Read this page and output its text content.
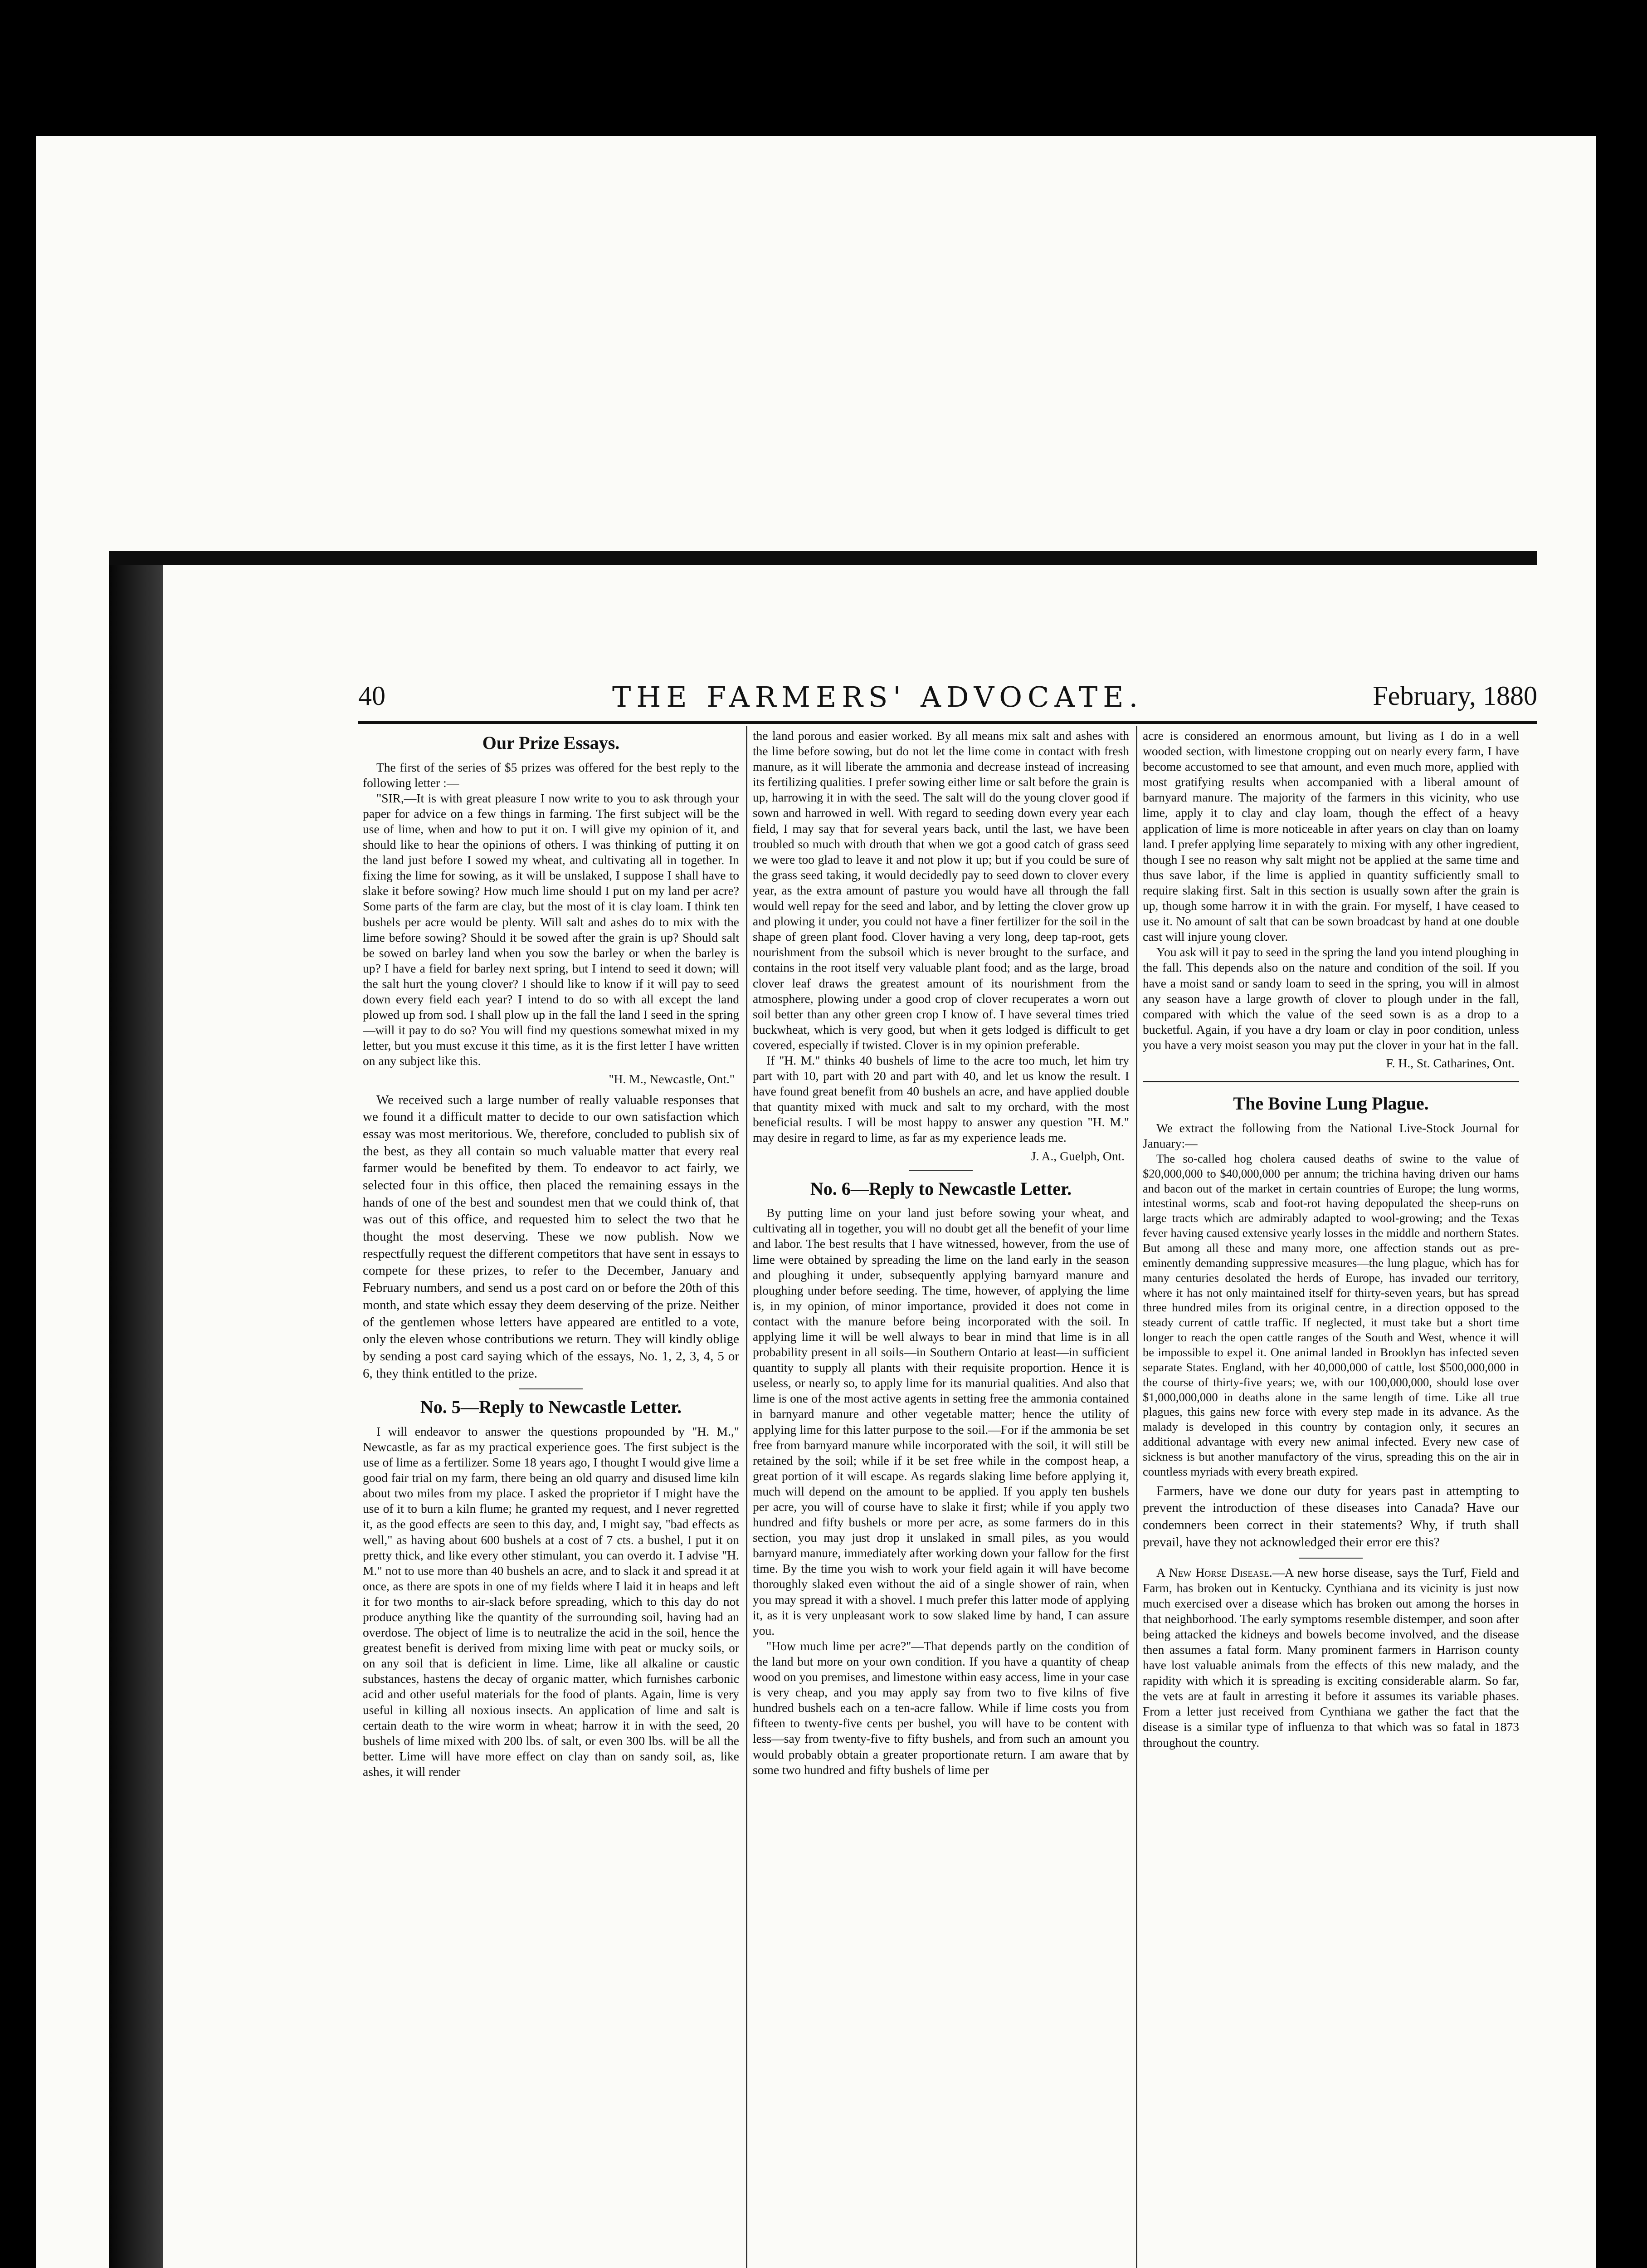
40	THE FARMERS' ADVOCATE.	February, 1880
Our Prize Essays.

The first of the series of $5 prizes was offered for the best reply to the following letter :—

"SIR,—It is with great pleasure I now write to you to ask through your paper for advice on a few things in farming. The first subject will be the use of lime, when and how to put it on. I will give my opinion of it, and should like to hear the opinions of others. I was thinking of putting it on the land just before I sowed my wheat, and cultivating all in together. In fixing the lime for sowing, as it will be unslaked, I suppose I shall have to slake it before sowing? How much lime should I put on my land per acre? Some parts of the farm are clay, but the most of it is clay loam. I think ten bushels per acre would be plenty. Will salt and ashes do to mix with the lime before sowing? Should it be sowed after the grain is up? Should salt be sowed on barley land when you sow the barley or when the barley is up? I have a field for barley next spring, but I intend to seed it down; will the salt hurt the young clover? I should like to know if it will pay to seed down every field each year? I intend to do so with all except the land plowed up from sod. I shall plow up in the fall the land I seed in the spring—will it pay to do so? You will find my questions somewhat mixed in my letter, but you must excuse it this time, as it is the first letter I have written on any subject like this.

"H. M., Newcastle, Ont."

We received such a large number of really valuable responses that we found it a difficult matter to decide to our own satisfaction which essay was most meritorious. We, therefore, concluded to publish six of the best, as they all contain so much valuable matter that every real farmer would be benefited by them. To endeavor to act fairly, we selected four in this office, then placed the remaining essays in the hands of one of the best and soundest men that we could think of, that was out of this office, and requested him to select the two that he thought the most deserving. These we now publish. Now we respectfully request the different competitors that have sent in essays to compete for these prizes, to refer to the December, January and February numbers, and send us a post card on or before the 20th of this month, and state which essay they deem deserving of the prize. Neither of the gentlemen whose letters have appeared are entitled to a vote, only the eleven whose contributions we return. They will kindly oblige by sending a post card saying which of the essays, No. 1, 2, 3, 4, 5 or 6, they think entitled to the prize.

No. 5—Reply to Newcastle Letter.

I will endeavor to answer the questions propounded by "H. M.," Newcastle, as far as my practical experience goes. The first subject is the use of lime as a fertilizer. Some 18 years ago, I thought I would give lime a good fair trial on my farm, there being an old quarry and disused lime kiln about two miles from my place. I asked the proprietor if I might have the use of it to burn a kiln flume; he granted my request, and I never regretted it, as the good effects are seen to this day, and, I might say, "bad effects as well," as having about 600 bushels at a cost of 7 cts. a bushel, I put it on pretty thick, and like every other stimulant, you can overdo it. I advise "H. M." not to use more than 40 bushels an acre, and to slack it and spread it at once, as there are spots in one of my fields where I laid it in heaps and left it for two months to air-slack before spreading, which to this day do not produce anything like the quantity of the surrounding soil, having had an overdose. The object of lime is to neutralize the acid in the soil, hence the greatest benefit is derived from mixing lime with peat or mucky soils, or on any soil that is deficient in lime. Lime, like all alkaline or caustic substances, hastens the decay of organic matter, which furnishes carbonic acid and other useful materials for the food of plants. Again, lime is very useful in killing all noxious insects. An application of lime and salt is certain death to the wire worm in wheat; harrow it in with the seed, 20 bushels of lime mixed with 200 lbs. of salt, or even 300 lbs. will be all the better. Lime will have more effect on clay than on sandy soil, as, like ashes, it will render

the land porous and easier worked. By all means mix salt and ashes with the lime before sowing, but do not let the lime come in contact with fresh manure, as it will liberate the ammonia and decrease instead of increasing its fertilizing qualities. I prefer sowing either lime or salt before the grain is up, harrowing it in with the seed. The salt will do the young clover good if sown and harrowed in well. With regard to seeding down every year each field, I may say that for several years back, until the last, we have been troubled so much with drouth that when we got a good catch of grass seed we were too glad to leave it and not plow it up; but if you could be sure of the grass seed taking, it would decidedly pay to seed down to clover every year, as the extra amount of pasture you would have all through the fall would well repay for the seed and labor, and by letting the clover grow up and plowing it under, you could not have a finer fertilizer for the soil in the shape of green plant food. Clover having a very long, deep tap-root, gets nourishment from the subsoil which is never brought to the surface, and contains in the root itself very valuable plant food; and as the large, broad clover leaf draws the greatest amount of its nourishment from the atmosphere, plowing under a good crop of clover recuperates a worn out soil better than any other green crop I know of. I have several times tried buckwheat, which is very good, but when it gets lodged is difficult to get covered, especially if twisted. Clover is in my opinion preferable.

If "H. M." thinks 40 bushels of lime to the acre too much, let him try part with 10, part with 20 and part with 40, and let us know the result. I have found great benefit from 40 bushels an acre, and have applied double that quantity mixed with muck and salt to my orchard, with the most beneficial results. I will be most happy to answer any question "H. M." may desire in regard to lime, as far as my experience leads me.

J. A., Guelph, Ont.
No. 6—Reply to Newcastle Letter.

By putting lime on your land just before sowing your wheat, and cultivating all in together, you will no doubt get all the benefit of your lime and labor. The best results that I have witnessed, however, from the use of lime were obtained by spreading the lime on the land early in the season and ploughing it under, subsequently applying barnyard manure and ploughing under before seeding. The time, however, of applying the lime is, in my opinion, of minor importance, provided it does not come in contact with the manure before being incorporated with the soil. In applying lime it will be well always to bear in mind that lime is in all probability present in all soils—in Southern Ontario at least—in sufficient quantity to supply all plants with their requisite proportion. Hence it is useless, or nearly so, to apply lime for its manurial qualities. And also that lime is one of the most active agents in setting free the ammonia contained in barnyard manure and other vegetable matter; hence the utility of applying lime for this latter purpose to the soil.—For if the ammonia be set free from barnyard manure while incorporated with the soil, it will still be retained by the soil; while if it be set free while in the compost heap, a great portion of it will escape. As regards slaking lime before applying it, much will depend on the amount to be applied. If you apply ten bushels per acre, you will of course have to slake it first; while if you apply two hundred and fifty bushels or more per acre, as some farmers do in this section, you may just drop it unslaked in small piles, as you would barnyard manure, immediately after working down your fallow for the first time. By the time you wish to work your field again it will have become thoroughly slaked even without the aid of a single shower of rain, when you may spread it with a shovel. I much prefer this latter mode of applying it, as it is very unpleasant work to sow slaked lime by hand, I can assure you.

"How much lime per acre?"—That depends partly on the condition of the land but more on your own condition. If you have a quantity of cheap wood on you premises, and limestone within easy access, lime in your case is very cheap, and you may apply say from two to five kilns of five hundred bushels each on a ten-acre fallow. While if lime costs you from fifteen to twenty-five cents per bushel, you will have to be content with less—say from twenty-five to fifty bushels, and from such an amount you would probably obtain a greater proportionate return. I am aware that by some two hundred and fifty bushels of lime per

acre is considered an enormous amount, but living as I do in a well wooded section, with limestone cropping out on nearly every farm, I have become accustomed to see that amount, and even much more, applied with most gratifying results when accompanied with a liberal amount of barnyard manure. The majority of the farmers in this vicinity, who use lime, apply it to clay and clay loam, though the effect of a heavy application of lime is more noticeable in after years on clay than on loamy land. I prefer applying lime separately to mixing with any other ingredient, though I see no reason why salt might not be applied at the same time and thus save labor, if the lime is applied in quantity sufficiently small to require slaking first. Salt in this section is usually sown after the grain is up, though some harrow it in with the grain. For myself, I have ceased to use it. No amount of salt that can be sown broadcast by hand at one double cast will injure young clover.

You ask will it pay to seed in the spring the land you intend ploughing in the fall. This depends also on the nature and condition of the soil. If you have a moist sand or sandy loam to seed in the spring, you will in almost any season have a large growth of clover to plough under in the fall, compared with which the value of the seed sown is as a drop to a bucketful. Again, if you have a dry loam or clay in poor condition, unless you have a very moist season you may put the clover in your hat in the fall.

F. H., St. Catharines, Ont.
The Bovine Lung Plague.

We extract the following from the National Live-Stock Journal for January:—

The so-called hog cholera caused deaths of swine to the value of $20,000,000 to $40,000,000 per annum; the trichina having driven our hams and bacon out of the market in certain countries of Europe; the lung worms, intestinal worms, scab and foot-rot having depopulated the sheep-runs on large tracts which are admirably adapted to wool-growing; and the Texas fever having caused extensive yearly losses in the middle and northern States. But among all these and many more, one affection stands out as pre-eminently demanding suppressive measures—the lung plague, which has for many centuries desolated the herds of Europe, has invaded our territory, where it has not only maintained itself for thirty-seven years, but has spread three hundred miles from its original centre, in a direction opposed to the steady current of cattle traffic. If neglected, it must take but a short time longer to reach the open cattle ranges of the South and West, whence it will be impossible to expel it. One animal landed in Brooklyn has infected seven separate States. England, with her 40,000,000 of cattle, lost $500,000,000 in the course of thirty-five years; we, with our 100,000,000, should lose over $1,000,000,000 in deaths alone in the same length of time. Like all true plagues, this gains new force with every step made in its advance. As the malady is developed in this country by contagion only, it secures an additional advantage with every new animal infected. Every new case of sickness is but another manufactory of the virus, spreading this on the air in countless myriads with every breath expired.

Farmers, have we done our duty for years past in attempting to prevent the introduction of these diseases into Canada? Have our condemners been correct in their statements? Why, if truth shall prevail, have they not acknowledged their error ere this?

A New Horse Disease.—A new horse disease, says the Turf, Field and Farm, has broken out in Kentucky. Cynthiana and its vicinity is just now much exercised over a disease which has broken out among the horses in that neighborhood. The early symptoms resemble distemper, and soon after being attacked the kidneys and bowels become involved, and the disease then assumes a fatal form. Many prominent farmers in Harrison county have lost valuable animals from the effects of this new malady, and the rapidity with which it is spreading is exciting considerable alarm. So far, the vets are at fault in arresting it before it assumes its variable phases. From a letter just received from Cynthiana we gather the fact that the disease is a similar type of influenza to that which was so fatal in 1873 throughout the country.
